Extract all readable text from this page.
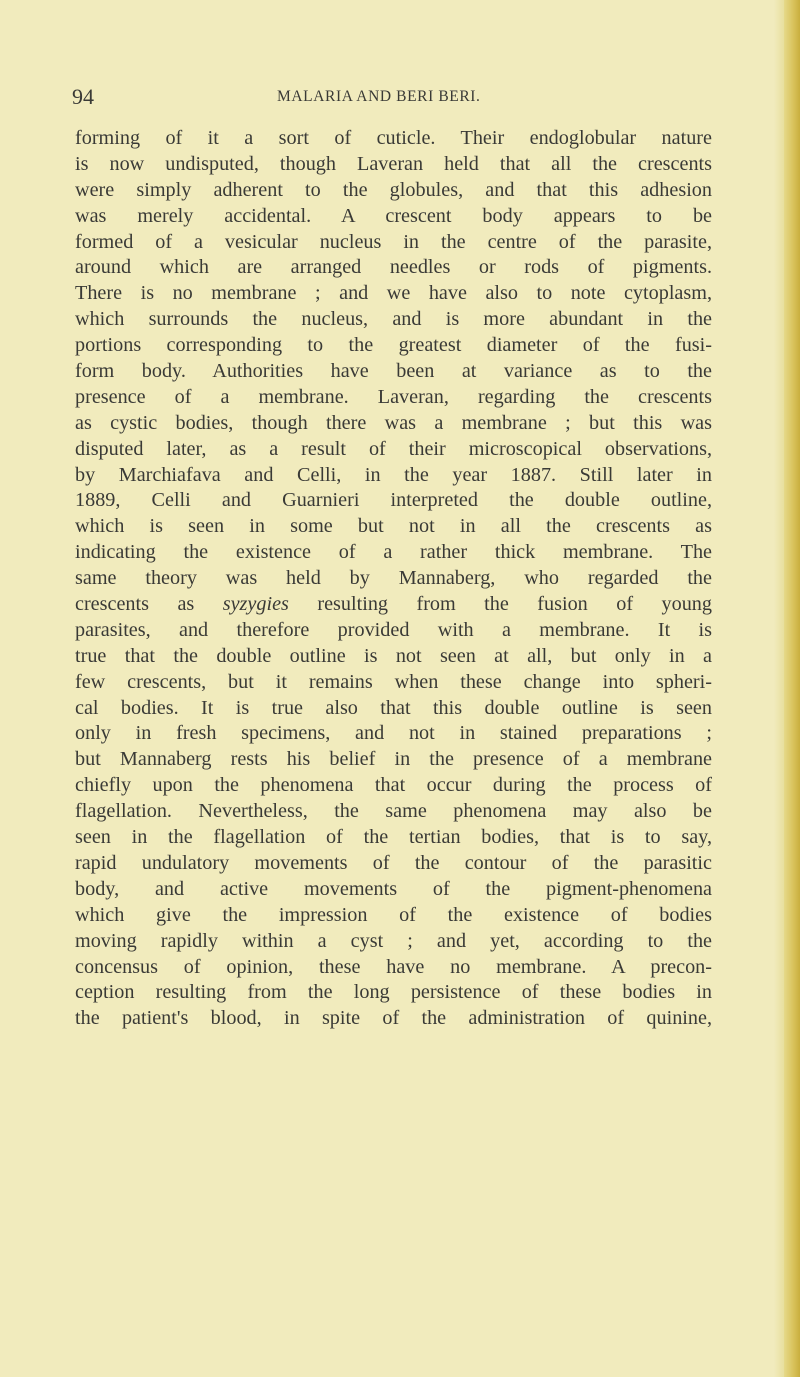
94	MALARIA AND BERI BERI.
forming of it a sort of cuticle. Their endoglobular nature
is now undisputed, though Laveran held that all the crescents
were simply adherent to the globules, and that this adhesion
was merely accidental. A crescent body appears to be
formed of a vesicular nucleus in the centre of the parasite,
around which are arranged needles or rods of pigments.
There is no membrane ; and we have also to note cytoplasm,
which surrounds the nucleus, and is more abundant in the
portions corresponding to the greatest diameter of the fusi-
form body. Authorities have been at variance as to the
presence of a membrane. Laveran, regarding the crescents
as cystic bodies, though there was a membrane ; but this was
disputed later, as a result of their microscopical observations,
by Marchiafava and Celli, in the year 1887. Still later in
1889, Celli and Guarnieri interpreted the double outline,
which is seen in some but not in all the crescents as
indicating the existence of a rather thick membrane. The
same theory was held by Mannaberg, who regarded the
crescents as syzygies resulting from the fusion of young
parasites, and therefore provided with a membrane. It is
true that the double outline is not seen at all, but only in a
few crescents, but it remains when these change into spheri-
cal bodies. It is true also that this double outline is seen
only in fresh specimens, and not in stained preparations ;
but Mannaberg rests his belief in the presence of a membrane
chiefly upon the phenomena that occur during the process of
flagellation. Nevertheless, the same phenomena may also be
seen in the flagellation of the tertian bodies, that is to say,
rapid undulatory movements of the contour of the parasitic
body, and active movements of the pigment-phenomena
which give the impression of the existence of bodies
moving rapidly within a cyst ; and yet, according to the
concensus of opinion, these have no membrane. A precon-
ception resulting from the long persistence of these bodies in
the patient's blood, in spite of the administration of quinine,
